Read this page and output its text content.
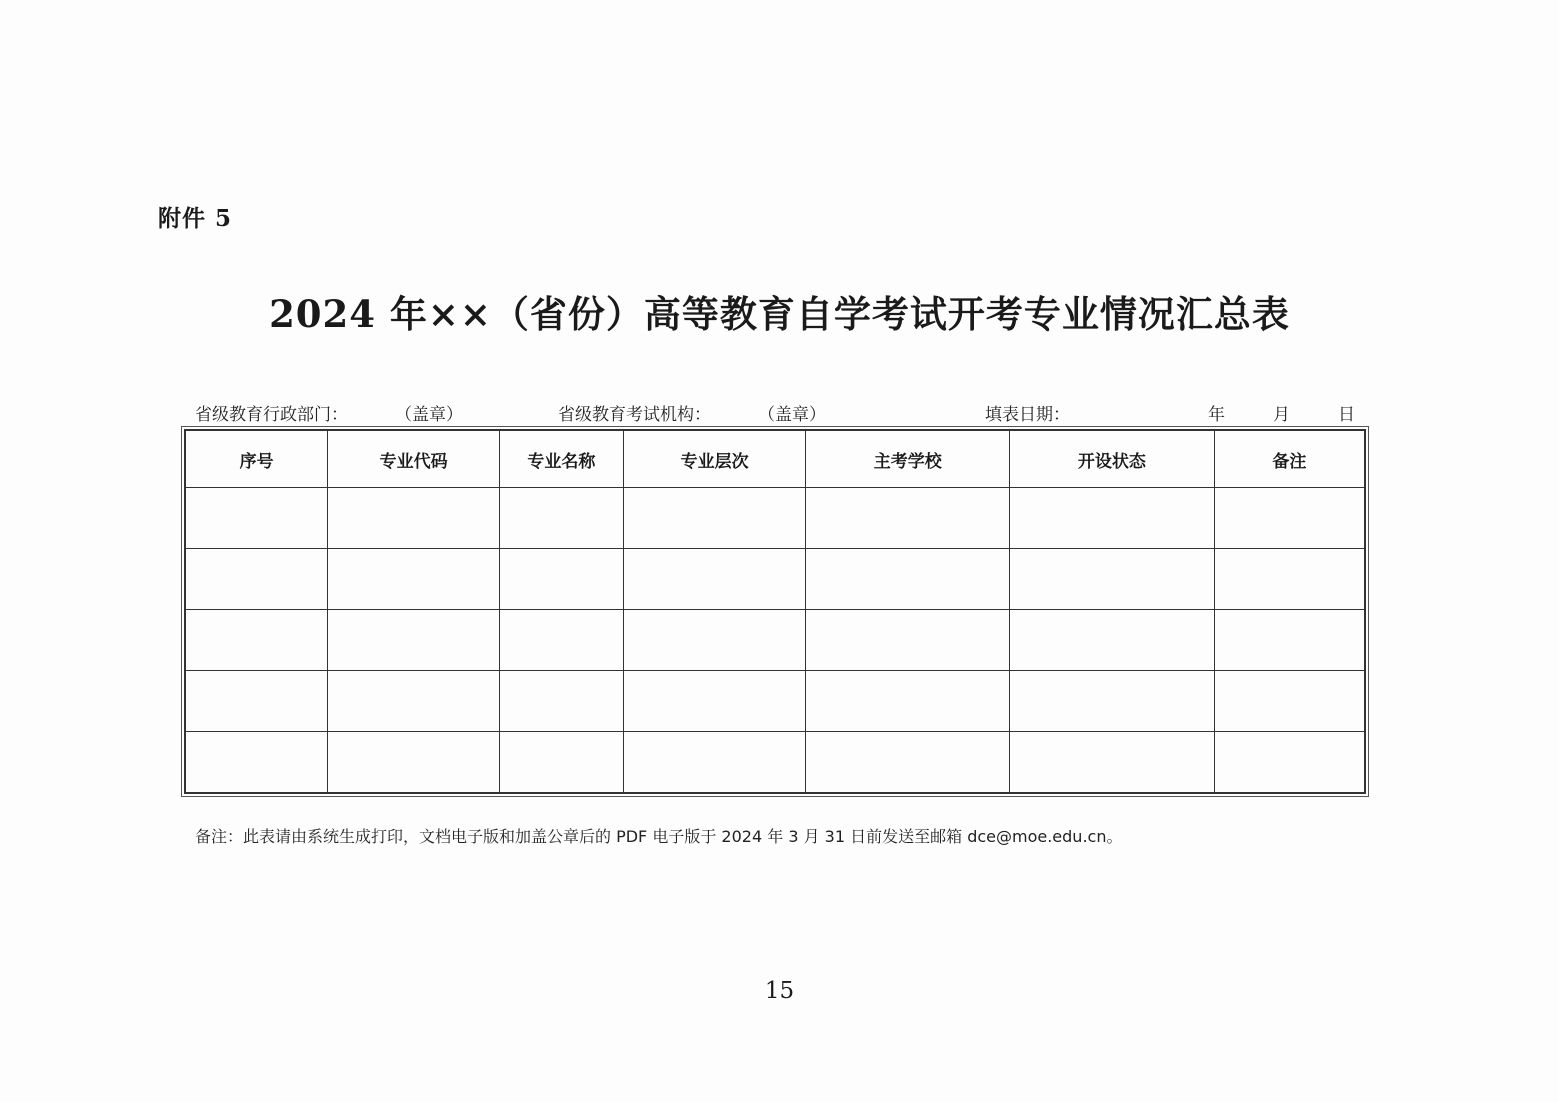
附件 5
2024 年××（省份）高等教育自学考试开考专业情况汇总表
省级教育行政部门：	（盖章）	省级教育考试机构：	（盖章）	填表日期：	年	月	日
序号	专业代码	专业名称	专业层次	主考学校	开设状态	备注

备注：此表请由系统生成打印，文档电子版和加盖公章后的 PDF 电子版于 2024 年 3 月 31 日前发送至邮箱 dce@moe.edu.cn。
15
